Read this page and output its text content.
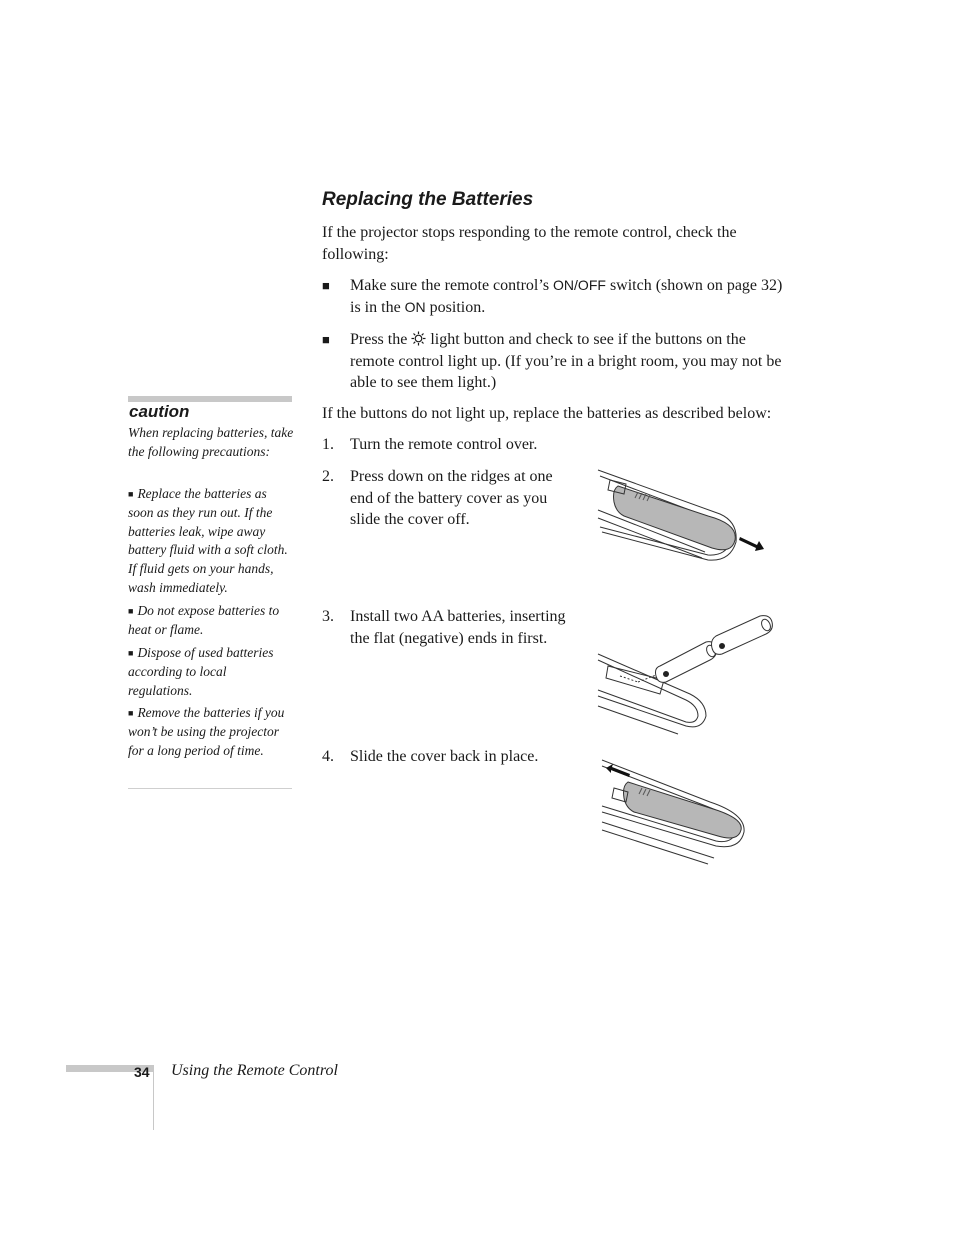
Replacing the Batteries

If the projector stops responding to the remote control, check the following:

■ Make sure the remote control’s ON/OFF switch (shown on page 32) is in the ON position.
■ Press the  light button and check to see if the buttons on the remote control light up. (If you’re in a bright room, you may not be able to see them light.)

If the buttons do not light up, replace the batteries as described below:

1. Turn the remote control over.
2. Press down on the ridges at one end of the battery cover as you slide the cover off.
3. Install two AA batteries, inserting the flat (negative) ends in first.
4. Slide the cover back in place.
caution
When replacing batteries, take the following precautions:
■ Replace the batteries as soon as they run out. If the batteries leak, wipe away battery fluid with a soft cloth. If fluid gets on your hands, wash immediately.
■ Do not expose batteries to heat or flame.
■ Dispose of used batteries according to local regulations.
■ Remove the batteries if you won’t be using the projector for a long period of time.
34 Using the Remote Control
